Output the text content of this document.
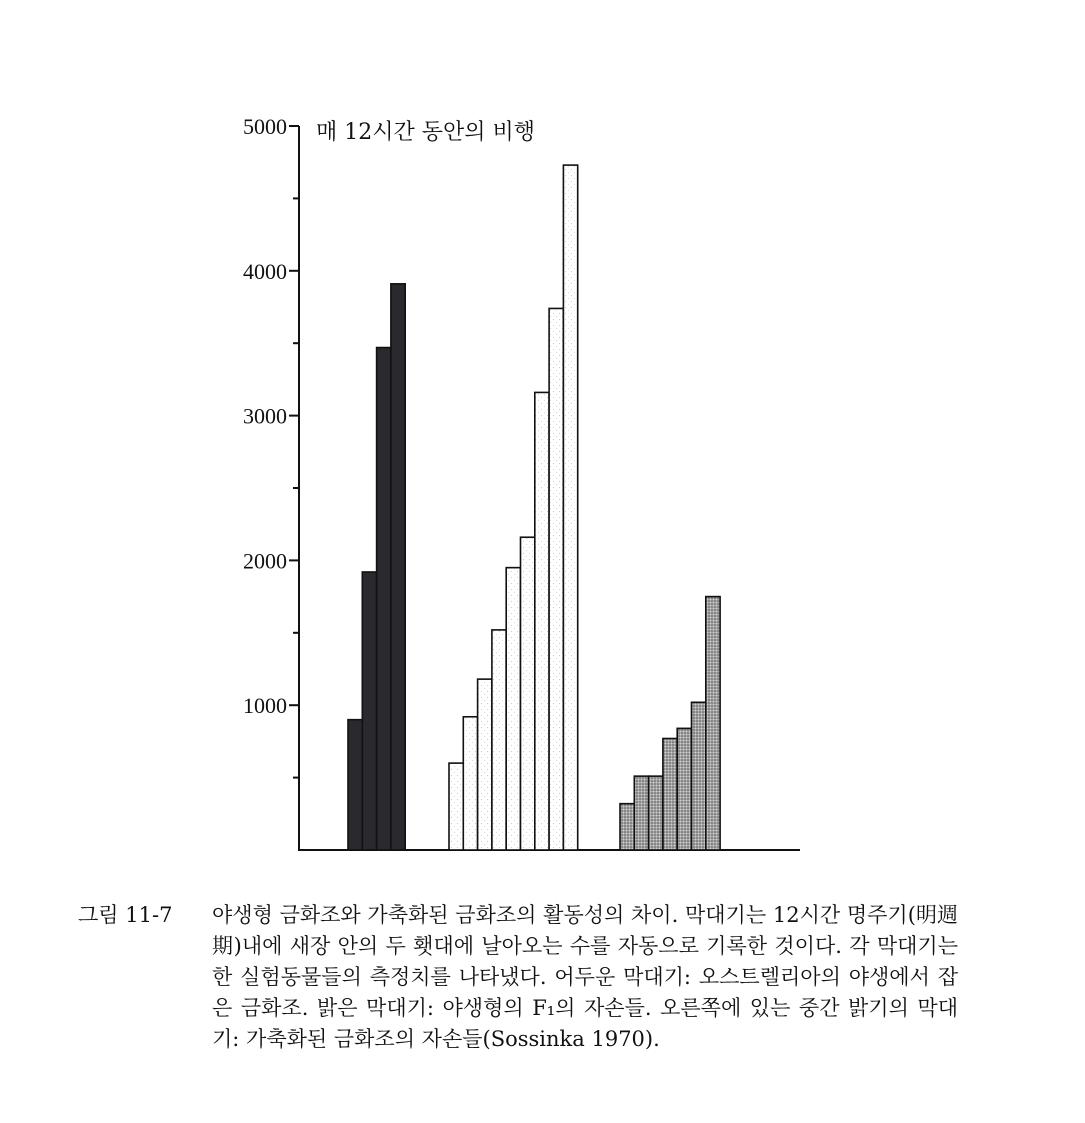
1000
2000
3000
4000
5000 매 12시간 동안의 비행
그림 11-7 야생형 금화조와 가축화된 금화조의 활동성의 차이. 막대기는 12시간 명주기(明週期)내에 새장 안의 두 횃대에 날아오는 수를 자동으로 기록한 것이다. 각 막대기는 한 실험동물들의 측정치를 나타냈다. 어두운 막대기: 오스트렐리아의 야생에서 잡은 금화조. 밝은 막대기: 야생형의 F₁의 자손들. 오른쪽에 있는 중간 밝기의 막대기: 가축화된 금화조의 자손들(Sossinka 1970).
